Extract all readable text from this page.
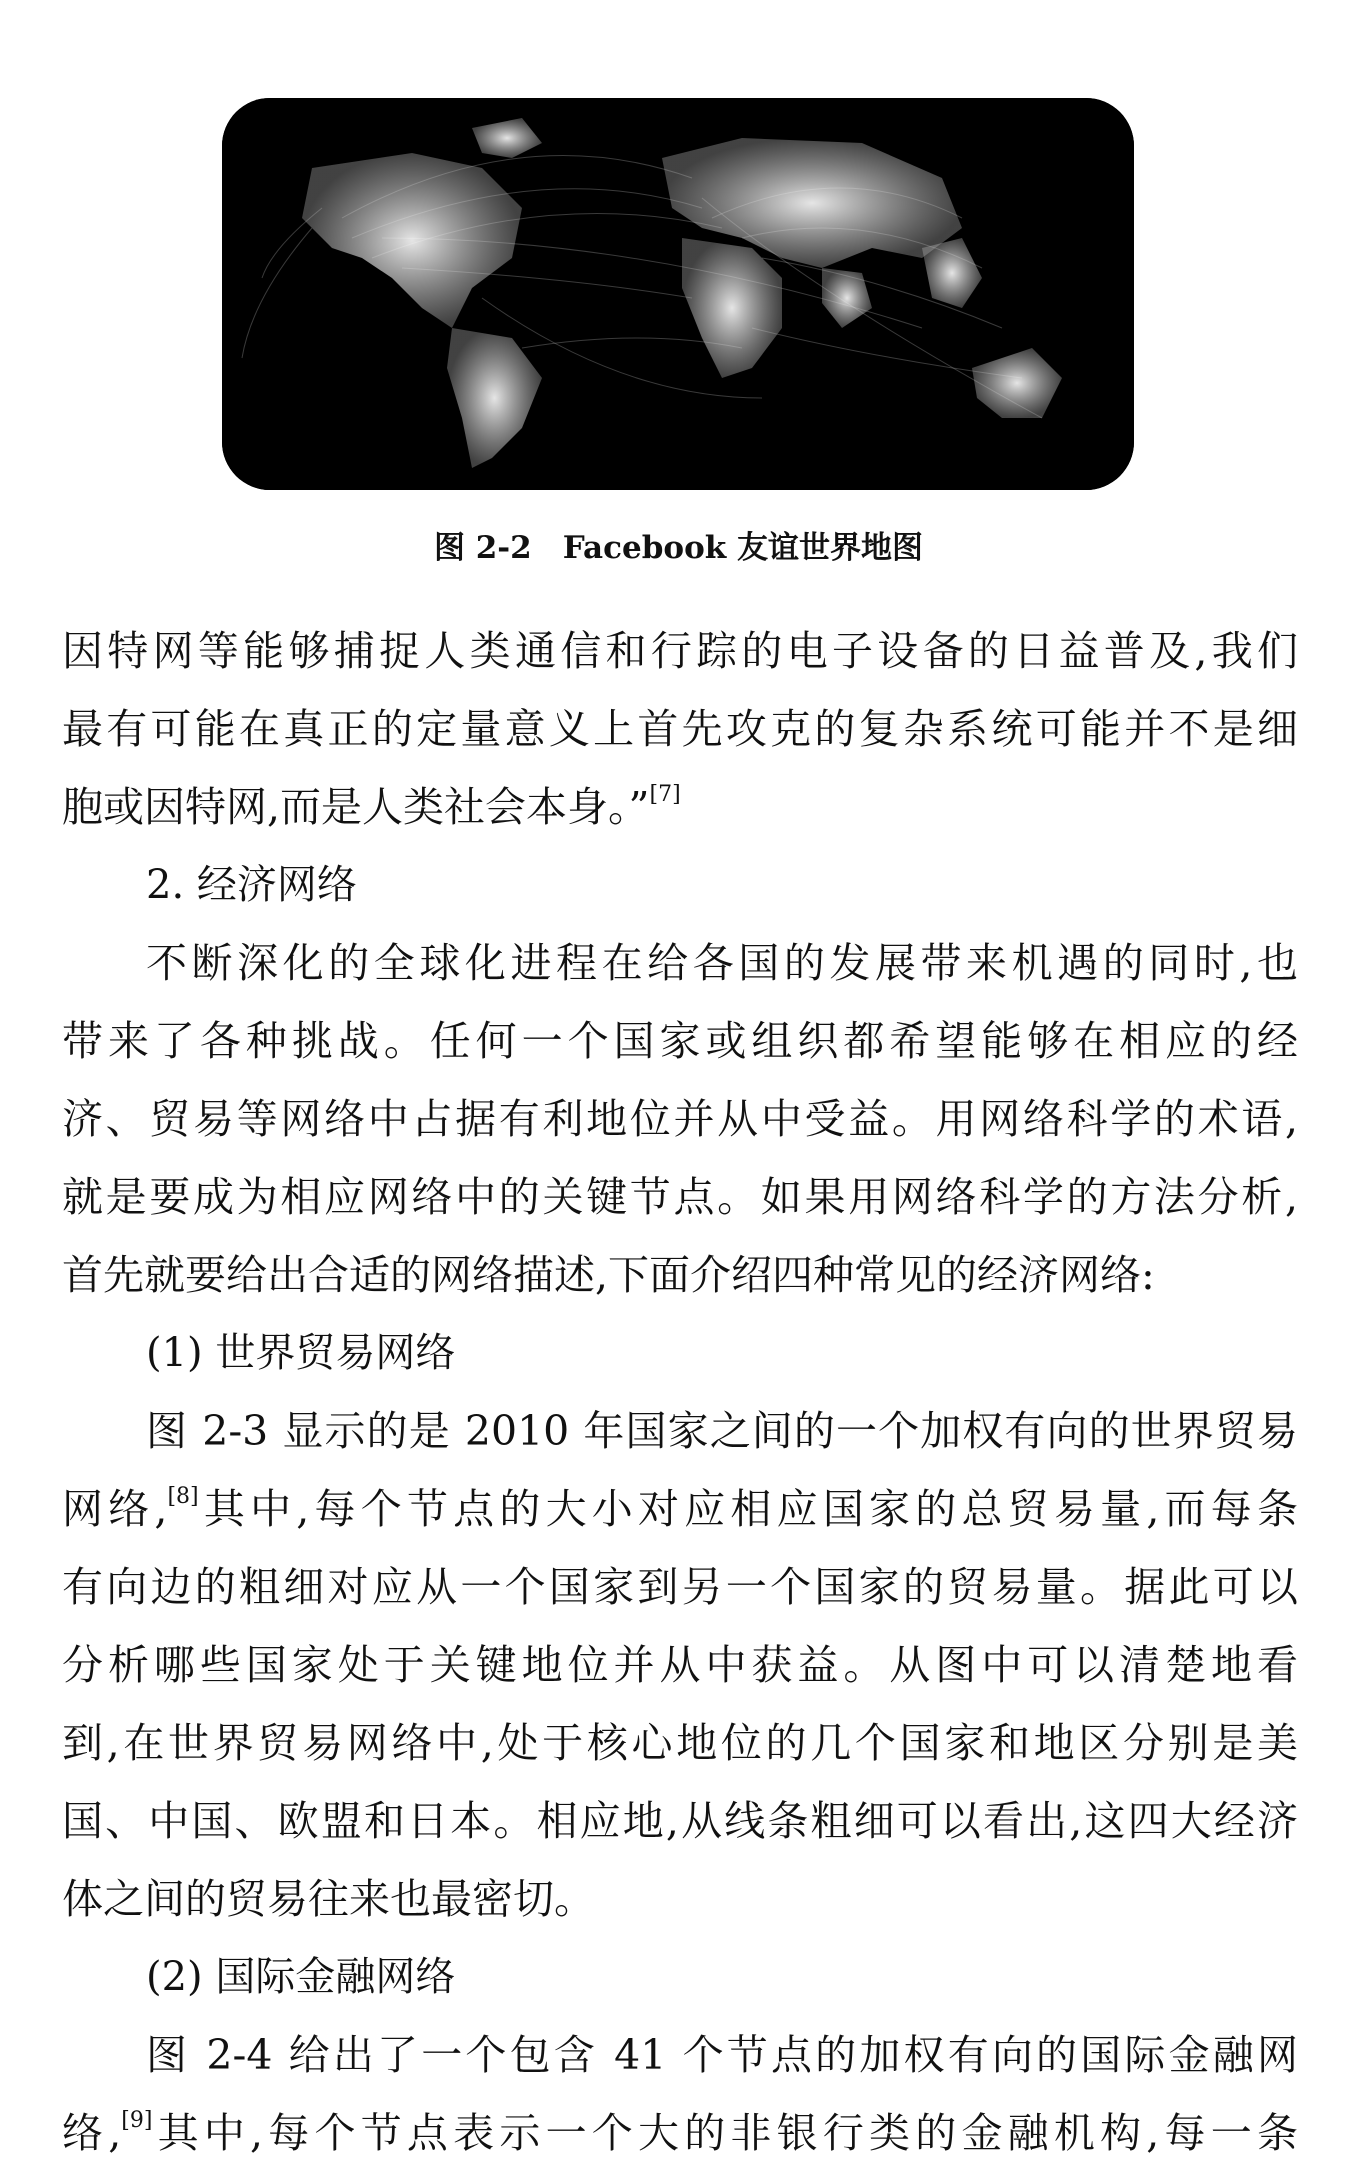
图 2-2　Facebook 友谊世界地图
因特网等能够捕捉人类通信和行踪的电子设备的日益普及,我们
最有可能在真正的定量意义上首先攻克的复杂系统可能并不是细
胞或因特网,而是人类社会本身。”[7]
2. 经济网络
不断深化的全球化进程在给各国的发展带来机遇的同时,也
带来了各种挑战。任何一个国家或组织都希望能够在相应的经
济、贸易等网络中占据有利地位并从中受益。用网络科学的术语,
就是要成为相应网络中的关键节点。如果用网络科学的方法分析,
首先就要给出合适的网络描述,下面介绍四种常见的经济网络:
(1) 世界贸易网络
图 2-3 显示的是 2010 年国家之间的一个加权有向的世界贸易
网络,[8]其中,每个节点的大小对应相应国家的总贸易量,而每条
有向边的粗细对应从一个国家到另一个国家的贸易量。据此可以
分析哪些国家处于关键地位并从中获益。从图中可以清楚地看
到,在世界贸易网络中,处于核心地位的几个国家和地区分别是美
国、中国、欧盟和日本。相应地,从线条粗细可以看出,这四大经济
体之间的贸易往来也最密切。
(2) 国际金融网络
图 2-4 给出了一个包含 41 个节点的加权有向的国际金融网
络,[9]其中,每个节点表示一个大的非银行类的金融机构,每一条
